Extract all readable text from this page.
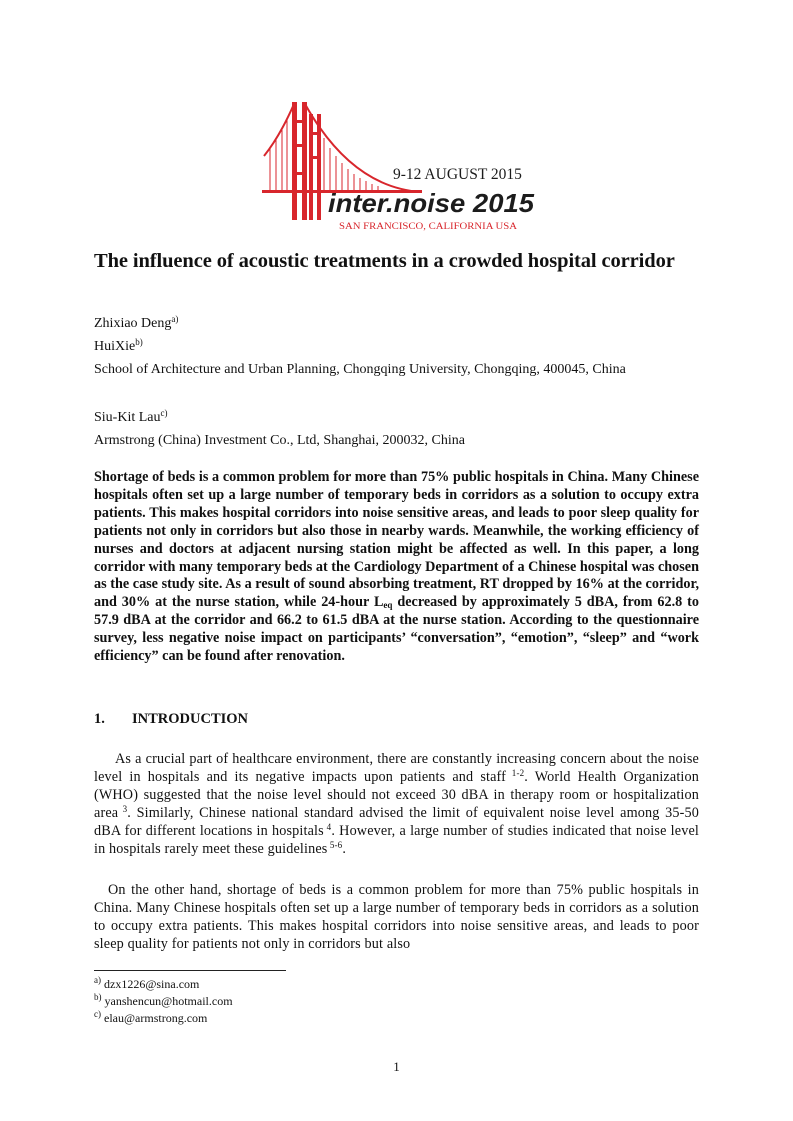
9-12 AUGUST 2015
inter.noise 2015
SAN FRANCISCO, CALIFORNIA USA
The influence of acoustic treatments in a crowded hospital corridor

Zhixiao Deng$^{a)}$

HuiXie$^{b)}$

School of Architecture and Urban Planning, Chongqing University, Chongqing, 400045, China

Siu-Kit Lau$^{c)}$

Armstrong (China) Investment Co., Ltd, Shanghai, 200032, China

Shortage of beds is a common problem for more than 75% public hospitals in China. Many Chinese hospitals often set up a large number of temporary beds in corridors as a solution to occupy extra patients. This makes hospital corridors into noise sensitive areas, and leads to poor sleep quality for patients not only in corridors but also those in nearby wards. Meanwhile, the working efficiency of nurses and doctors at adjacent nursing station might be affected as well. In this paper, a long corridor with many temporary beds at the Cardiology Department of a Chinese hospital was chosen as the case study site. As a result of sound absorbing treatment, RT dropped by 16% at the corridor, and 30% at the nurse station, while 24-hour $L_{eq}$ decreased by approximately 5 dBA, from 62.8 to 57.9 dBA at the corridor and 66.2 to 61.5 dBA at the nurse station. According to the questionnaire survey, less negative noise impact on participants’ “conversation”, “emotion”, “sleep” and “work efficiency” can be found after renovation.

1. INTRODUCTION

As a crucial part of healthcare environment, there are constantly increasing concern about the noise level in hospitals and its negative impacts upon patients and staff $^{1-2}$. World Health Organization (WHO) suggested that the noise level should not exceed 30 dBA in therapy room or hospitalization area $^3$. Similarly, Chinese national standard advised the limit of equivalent noise level among 35-50 dBA for different locations in hospitals $^4$. However, a large number of studies indicated that noise level in hospitals rarely meet these guidelines $^{5-6}$.

On the other hand, shortage of beds is a common problem for more than 75% public hospitals in China. Many Chinese hospitals often set up a large number of temporary beds in corridors as a solution to occupy extra patients. This makes hospital corridors into noise sensitive areas, and leads to poor sleep quality for patients not only in corridors but also

$^{a)}$ dzx1226@sina.com

$^{b)}$ yanshencun@hotmail.com

$^{c)}$ elau@armstrong.com

1
